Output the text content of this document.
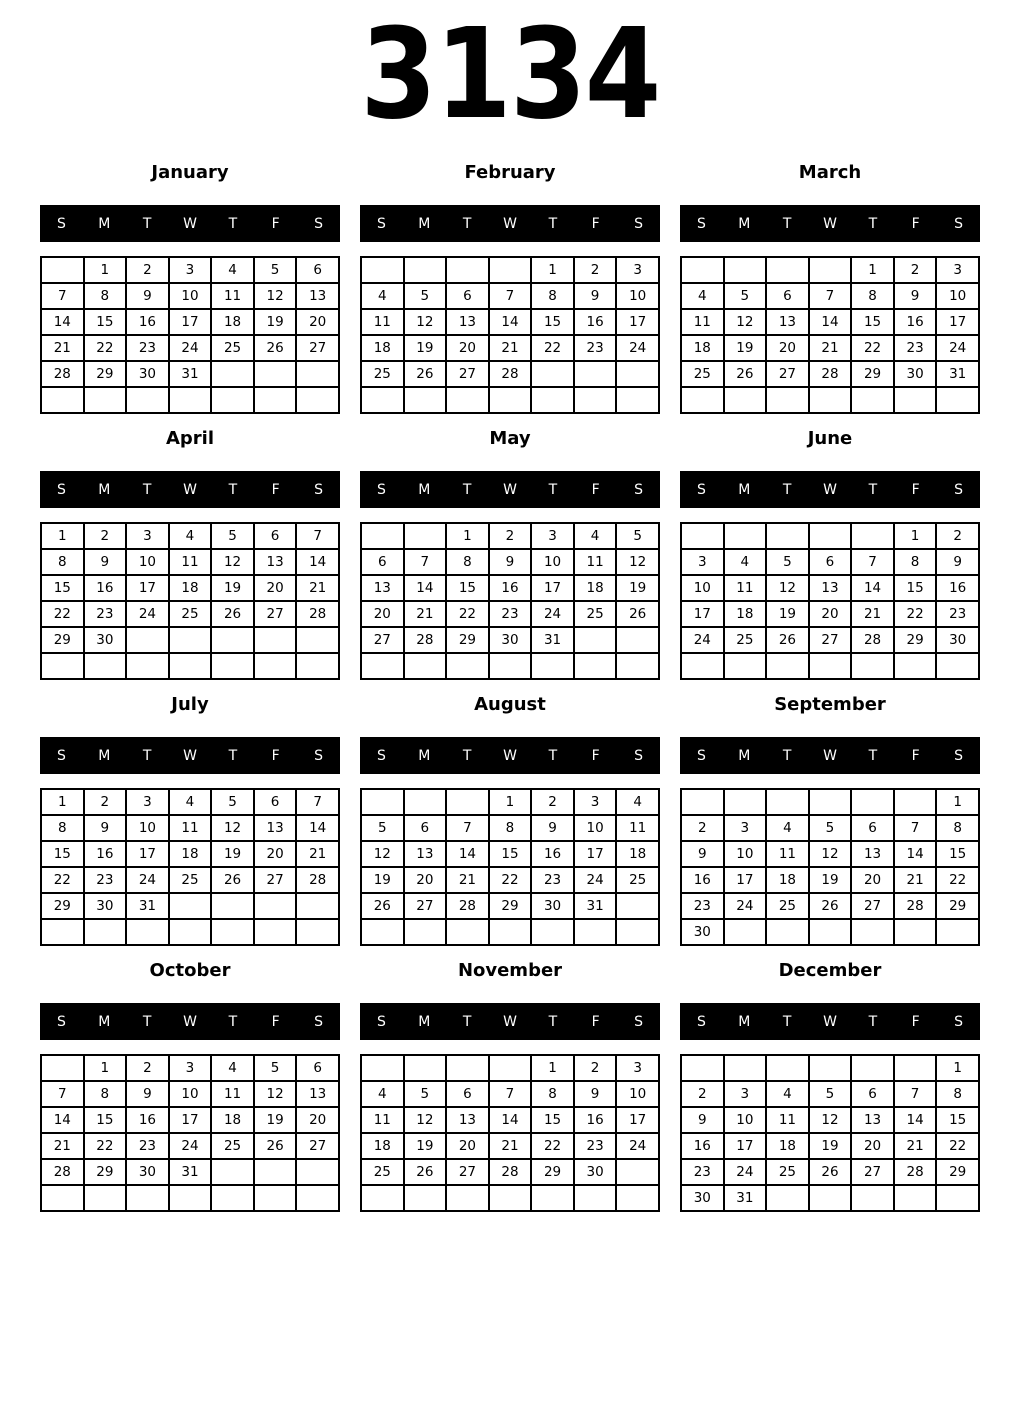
3134
January
S	M	T	W	T	F	S
	1	2	3	4	5	6
7	8	9	10	11	12	13
14	15	16	17	18	19	20
21	22	23	24	25	26	27
28	29	30	31			

February
S	M	T	W	T	F	S
				1	2	3
4	5	6	7	8	9	10
11	12	13	14	15	16	17
18	19	20	21	22	23	24
25	26	27	28			

March
S	M	T	W	T	F	S
				1	2	3
4	5	6	7	8	9	10
11	12	13	14	15	16	17
18	19	20	21	22	23	24
25	26	27	28	29	30	31

April
S	M	T	W	T	F	S
1	2	3	4	5	6	7
8	9	10	11	12	13	14
15	16	17	18	19	20	21
22	23	24	25	26	27	28
29	30					

May
S	M	T	W	T	F	S
		1	2	3	4	5
6	7	8	9	10	11	12
13	14	15	16	17	18	19
20	21	22	23	24	25	26
27	28	29	30	31		

June
S	M	T	W	T	F	S
					1	2
3	4	5	6	7	8	9
10	11	12	13	14	15	16
17	18	19	20	21	22	23
24	25	26	27	28	29	30

July
S	M	T	W	T	F	S
1	2	3	4	5	6	7
8	9	10	11	12	13	14
15	16	17	18	19	20	21
22	23	24	25	26	27	28
29	30	31				

August
S	M	T	W	T	F	S
			1	2	3	4
5	6	7	8	9	10	11
12	13	14	15	16	17	18
19	20	21	22	23	24	25
26	27	28	29	30	31	

September
S	M	T	W	T	F	S
						1
2	3	4	5	6	7	8
9	10	11	12	13	14	15
16	17	18	19	20	21	22
23	24	25	26	27	28	29
30						
October
S	M	T	W	T	F	S
	1	2	3	4	5	6
7	8	9	10	11	12	13
14	15	16	17	18	19	20
21	22	23	24	25	26	27
28	29	30	31			

November
S	M	T	W	T	F	S
				1	2	3
4	5	6	7	8	9	10
11	12	13	14	15	16	17
18	19	20	21	22	23	24
25	26	27	28	29	30	

December
S	M	T	W	T	F	S
						1
2	3	4	5	6	7	8
9	10	11	12	13	14	15
16	17	18	19	20	21	22
23	24	25	26	27	28	29
30	31					
